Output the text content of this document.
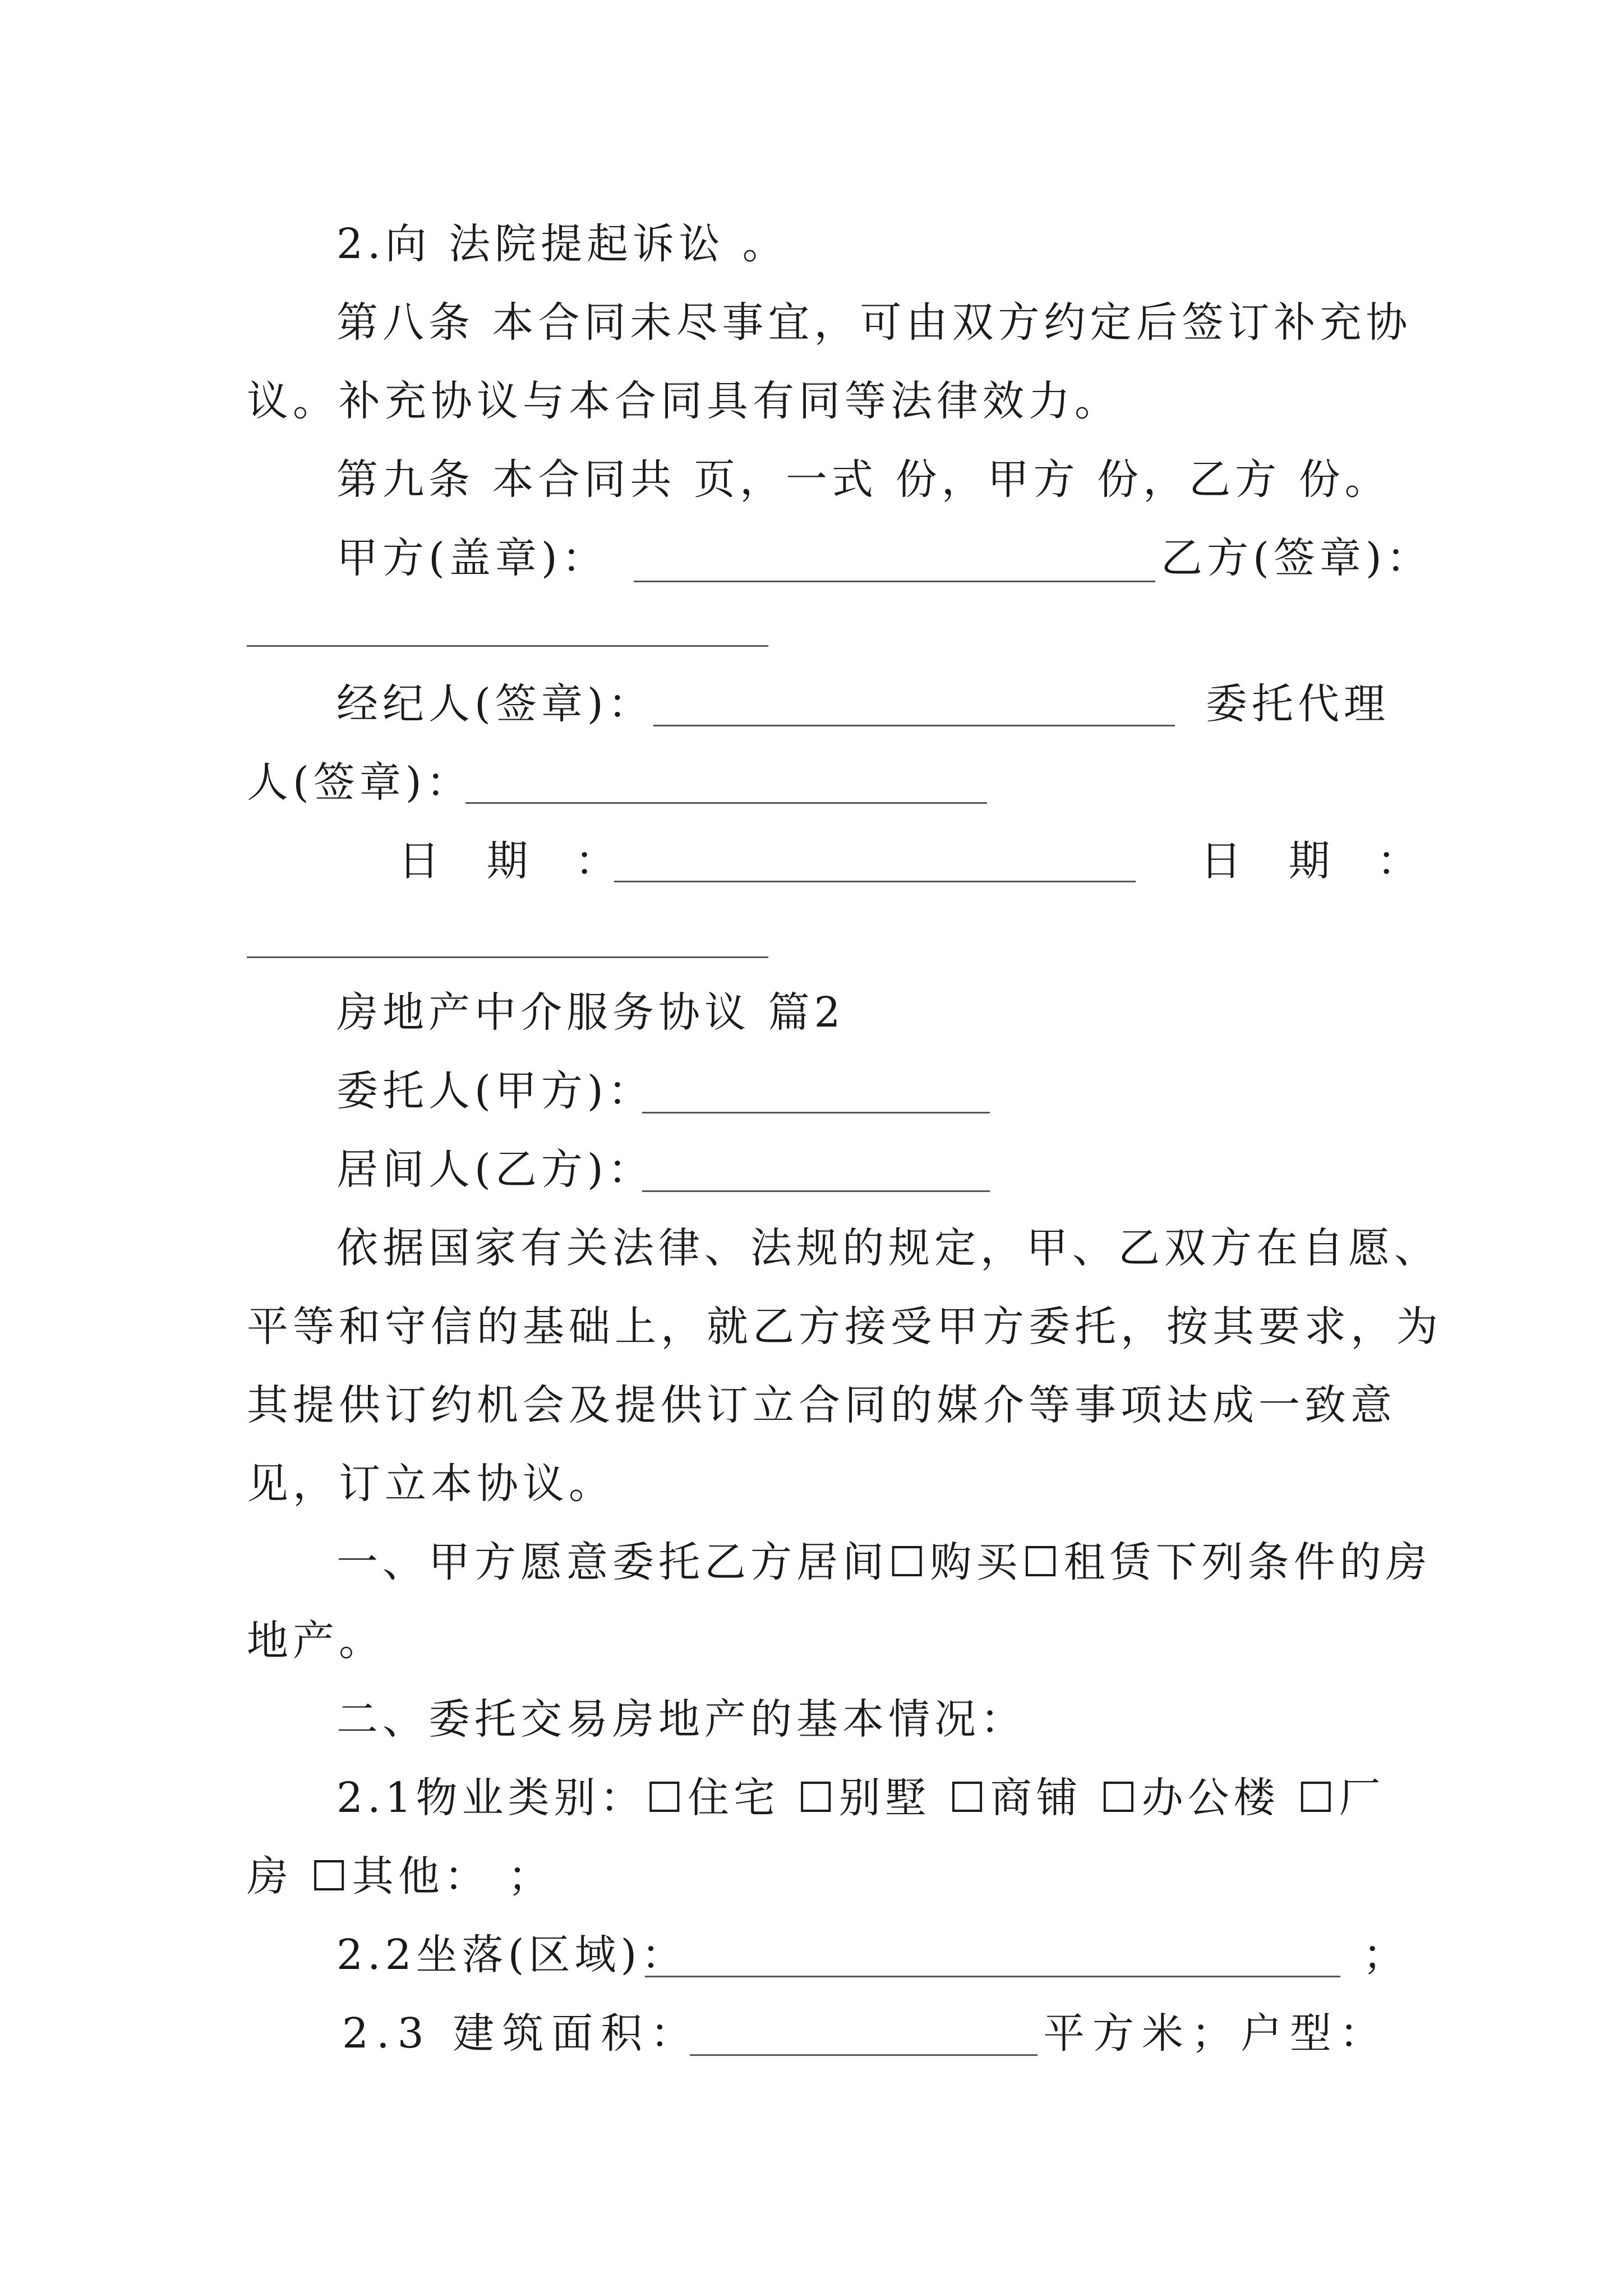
2.向 法院提起诉讼 。
第八条 本合同未尽事宜，可由双方约定后签订补充协
议。补充协议与本合同具有同等法律效力。
第九条 本合同共 页，一式 份，甲方 份，乙方 份。
甲方(盖章)：	乙方(签章)：
经纪人(签章)：	委托代理
人(签章)：
日 期 ：	日 期 ：
房地产中介服务协议 篇2
委托人(甲方)：
居间人(乙方)：
依据国家有关法律、法规的规定，甲、乙双方在自愿、
平等和守信的基础上，就乙方接受甲方委托，按其要求，为
其提供订约机会及提供订立合同的媒介等事项达成一致意
见，订立本协议。
一、甲方愿意委托乙方居间☐购买☐租赁下列条件的房
地产。
二、委托交易房地产的基本情况：
2.1物业类别：☐住宅 ☐别墅 ☐商铺 ☐办公楼 ☐厂
房 ☐其他： ；
2.2坐落(区域)：	；
2.3 建筑面积：	平方米；户型：
